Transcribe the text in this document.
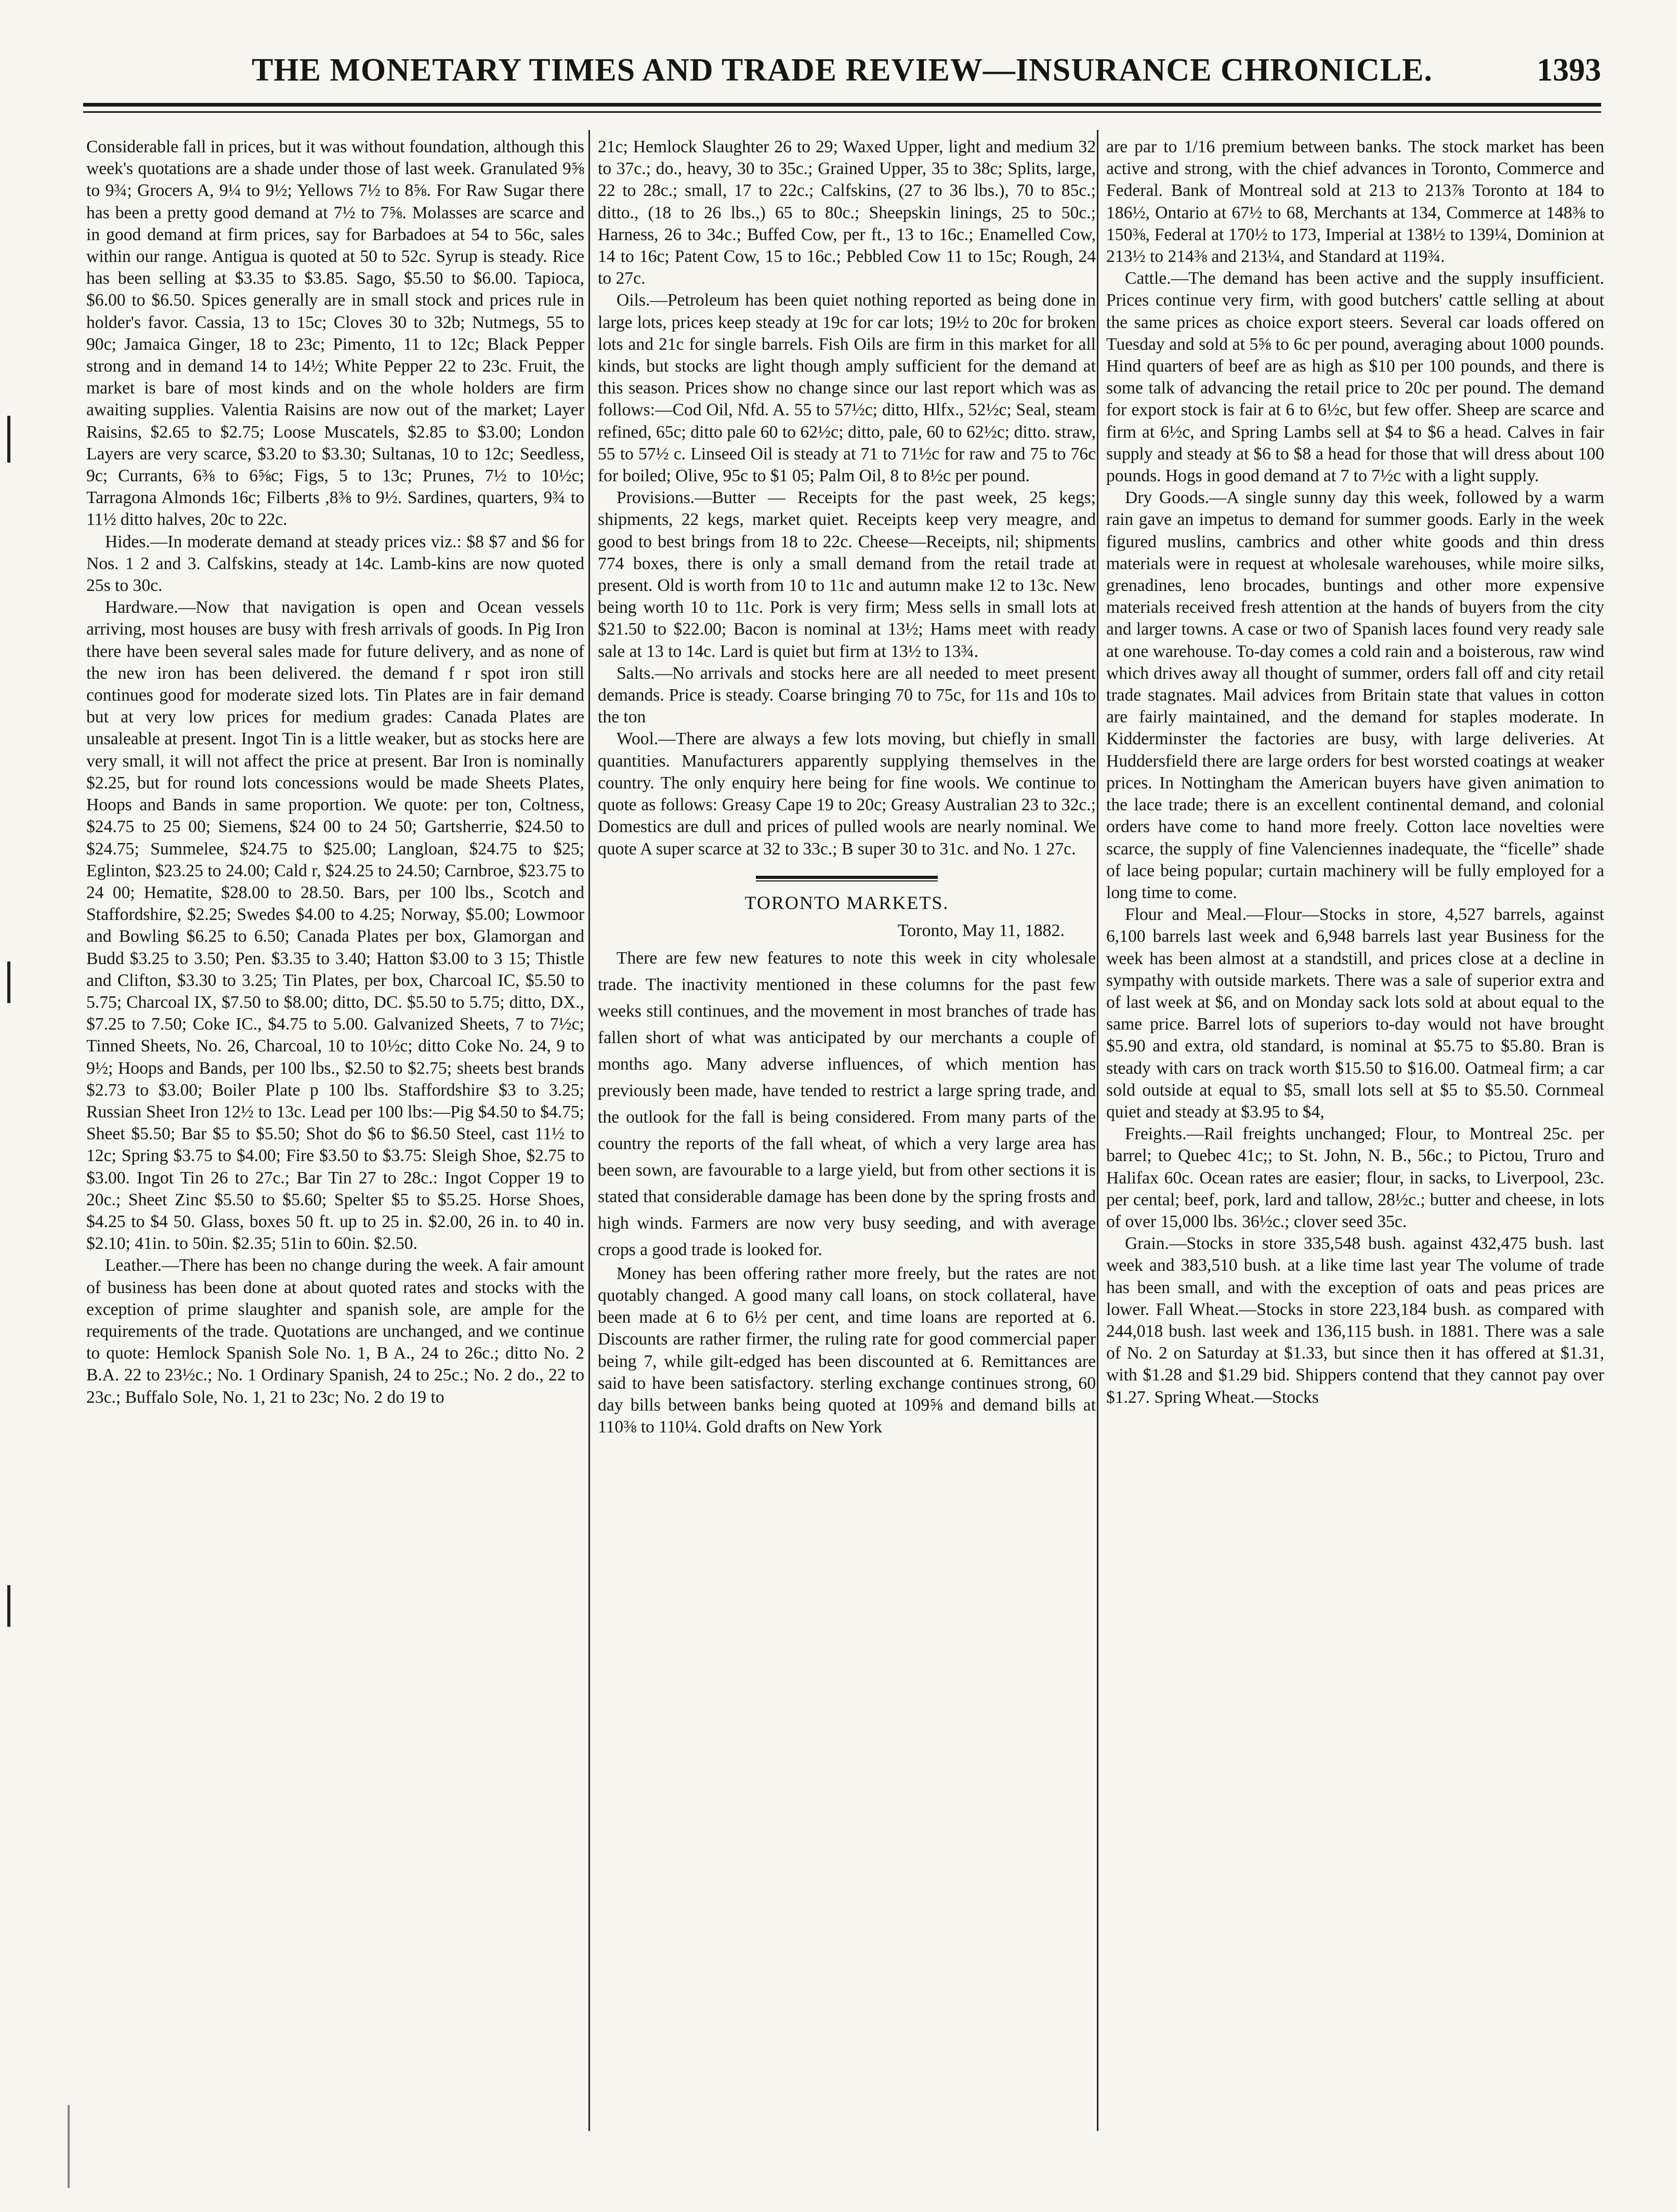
THE MONETARY TIMES AND TRADE REVIEW—INSURANCE CHRONICLE.	1393

Considerable fall in prices, but it was without foundation, although this week's quotations are a shade under those of last week. Granulated 9⅝ to 9¾; Grocers A, 9¼ to 9½; Yellows 7½ to 8⅝. For Raw Sugar there has been a pretty good demand at 7½ to 7⅝. Molasses are scarce and in good demand at firm prices, say for Barbadoes at 54 to 56c, sales within our range. Antigua is quoted at 50 to 52c. Syrup is steady. Rice has been selling at $3.35 to $3.85. Sago, $5.50 to $6.00. Tapioca, $6.00 to $6.50. Spices generally are in small stock and prices rule in holder's favor. Cassia, 13 to 15c; Cloves 30 to 32b; Nutmegs, 55 to 90c; Jamaica Ginger, 18 to 23c; Pimento, 11 to 12c; Black Pepper strong and in demand 14 to 14½; White Pepper 22 to 23c. Fruit, the market is bare of most kinds and on the whole holders are firm awaiting supplies. Valentia Raisins are now out of the market; Layer Raisins, $2.65 to $2.75; Loose Muscatels, $2.85 to $3.00; London Layers are very scarce, $3.20 to $3.30; Sultanas, 10 to 12c; Seedless, 9c; Currants, 6⅜ to 6⅝c; Figs, 5 to 13c; Prunes, 7½ to 10½c; Tarragona Almonds 16c; Filberts ,8⅜ to 9½. Sardines, quarters, 9¾ to 11½ ditto halves, 20c to 22c.

Hides.—In moderate demand at steady prices viz.: $8 $7 and $6 for Nos. 1 2 and 3. Calfskins, steady at 14c. Lamb-kins are now quoted 25s to 30c.

Hardware.—Now that navigation is open and Ocean vessels arriving, most houses are busy with fresh arrivals of goods. In Pig Iron there have been several sales made for future delivery, and as none of the new iron has been delivered. the demand f r spot iron still continues good for moderate sized lots. Tin Plates are in fair demand but at very low prices for medium grades: Canada Plates are unsaleable at present. Ingot Tin is a little weaker, but as stocks here are very small, it will not affect the price at present. Bar Iron is nominally $2.25, but for round lots concessions would be made Sheets Plates, Hoops and Bands in same proportion. We quote: per ton, Coltness, $24.75 to 25 00; Siemens, $24 00 to 24 50; Gartsherrie, $24.50 to $24.75; Summelee, $24.75 to $25.00; Langloan, $24.75 to $25; Eglinton, $23.25 to 24.00; Cald r, $24.25 to 24.50; Carnbroe, $23.75 to 24 00; Hematite, $28.00 to 28.50. Bars, per 100 lbs., Scotch and Staffordshire, $2.25; Swedes $4.00 to 4.25; Norway, $5.00; Lowmoor and Bowling $6.25 to 6.50; Canada Plates per box, Glamorgan and Budd $3.25 to 3.50; Pen. $3.35 to 3.40; Hatton $3.00 to 3 15; Thistle and Clifton, $3.30 to 3.25; Tin Plates, per box, Charcoal IC, $5.50 to 5.75; Charcoal IX, $7.50 to $8.00; ditto, DC. $5.50 to 5.75; ditto, DX., $7.25 to 7.50; Coke IC., $4.75 to 5.00. Galvanized Sheets, 7 to 7½c; Tinned Sheets, No. 26, Charcoal, 10 to 10½c; ditto Coke No. 24, 9 to 9½; Hoops and Bands, per 100 lbs., $2.50 to $2.75; sheets best brands $2.73 to $3.00; Boiler Plate p 100 lbs. Staffordshire $3 to 3.25; Russian Sheet Iron 12½ to 13c. Lead per 100 lbs:—Pig $4.50 to $4.75; Sheet $5.50; Bar $5 to $5.50; Shot do $6 to $6.50 Steel, cast 11½ to 12c; Spring $3.75 to $4.00; Fire $3.50 to $3.75: Sleigh Shoe, $2.75 to $3.00. Ingot Tin 26 to 27c.; Bar Tin 27 to 28c.: Ingot Copper 19 to 20c.; Sheet Zinc $5.50 to $5.60; Spelter $5 to $5.25. Horse Shoes, $4.25 to $4 50. Glass, boxes 50 ft. up to 25 in. $2.00, 26 in. to 40 in. $2.10; 41in. to 50in. $2.35; 51in to 60in. $2.50.

Leather.—There has been no change during the week. A fair amount of business has been done at about quoted rates and stocks with the exception of prime slaughter and spanish sole, are ample for the requirements of the trade. Quotations are unchanged, and we continue to quote: Hemlock Spanish Sole No. 1, B A., 24 to 26c.; ditto No. 2 B.A. 22 to 23½c.; No. 1 Ordinary Spanish, 24 to 25c.; No. 2 do., 22 to 23c.; Buffalo Sole, No. 1, 21 to 23c; No. 2 do 19 to

21c; Hemlock Slaughter 26 to 29; Waxed Upper, light and medium 32 to 37c.; do., heavy, 30 to 35c.; Grained Upper, 35 to 38c; Splits, large, 22 to 28c.; small, 17 to 22c.; Calfskins, (27 to 36 lbs.), 70 to 85c.; ditto., (18 to 26 lbs.,) 65 to 80c.; Sheepskin linings, 25 to 50c.; Harness, 26 to 34c.; Buffed Cow, per ft., 13 to 16c.; Enamelled Cow, 14 to 16c; Patent Cow, 15 to 16c.; Pebbled Cow 11 to 15c; Rough, 24 to 27c.

Oils.—Petroleum has been quiet nothing reported as being done in large lots, prices keep steady at 19c for car lots; 19½ to 20c for broken lots and 21c for single barrels. Fish Oils are firm in this market for all kinds, but stocks are light though amply sufficient for the demand at this season. Prices show no change since our last report which was as follows:—Cod Oil, Nfd. A. 55 to 57½c; ditto, Hlfx., 52½c; Seal, steam refined, 65c; ditto pale 60 to 62½c; ditto, pale, 60 to 62½c; ditto. straw, 55 to 57½ c. Linseed Oil is steady at 71 to 71½c for raw and 75 to 76c for boiled; Olive, 95c to $1 05; Palm Oil, 8 to 8½c per pound.

Provisions.—Butter — Receipts for the past week, 25 kegs; shipments, 22 kegs, market quiet. Receipts keep very meagre, and good to best brings from 18 to 22c. Cheese—Receipts, nil; shipments 774 boxes, there is only a small demand from the retail trade at present. Old is worth from 10 to 11c and autumn make 12 to 13c. New being worth 10 to 11c. Pork is very firm; Mess sells in small lots at $21.50 to $22.00; Bacon is nominal at 13½; Hams meet with ready sale at 13 to 14c. Lard is quiet but firm at 13½ to 13¾.

Salts.—No arrivals and stocks here are all needed to meet present demands. Price is steady. Coarse bringing 70 to 75c, for 11s and 10s to the ton

Wool.—There are always a few lots moving, but chiefly in small quantities. Manufacturers apparently supplying themselves in the country. The only enquiry here being for fine wools. We continue to quote as follows: Greasy Cape 19 to 20c; Greasy Australian 23 to 32c.; Domestics are dull and prices of pulled wools are nearly nominal. We quote A super scarce at 32 to 33c.; B super 30 to 31c. and No. 1 27c.

TORONTO MARKETS.
Toronto, May 11, 1882.

There are few new features to note this week in city wholesale trade. The inactivity mentioned in these columns for the past few weeks still continues, and the movement in most branches of trade has fallen short of what was anticipated by our merchants a couple of months ago. Many adverse influences, of which mention has previously been made, have tended to restrict a large spring trade, and the outlook for the fall is being considered. From many parts of the country the reports of the fall wheat, of which a very large area has been sown, are favourable to a large yield, but from other sections it is stated that considerable damage has been done by the spring frosts and high winds. Farmers are now very busy seeding, and with average crops a good trade is looked for.

Money has been offering rather more freely, but the rates are not quotably changed. A good many call loans, on stock collateral, have been made at 6 to 6½ per cent, and time loans are reported at 6. Discounts are rather firmer, the ruling rate for good commercial paper being 7, while gilt-edged has been discounted at 6. Remittances are said to have been satisfactory. sterling exchange continues strong, 60 day bills between banks being quoted at 109⅝ and demand bills at 110⅜ to 110¼. Gold drafts on New York

are par to 1/16 premium between banks. The stock market has been active and strong, with the chief advances in Toronto, Commerce and Federal. Bank of Montreal sold at 213 to 213⅞ Toronto at 184 to 186½, Ontario at 67½ to 68, Merchants at 134, Commerce at 148⅜ to 150⅜, Federal at 170½ to 173, Imperial at 138½ to 139¼, Dominion at 213½ to 214⅜ and 213¼, and Standard at 119¾.

Cattle.—The demand has been active and the supply insufficient. Prices continue very firm, with good butchers' cattle selling at about the same prices as choice export steers. Several car loads offered on Tuesday and sold at 5⅝ to 6c per pound, averaging about 1000 pounds. Hind quarters of beef are as high as $10 per 100 pounds, and there is some talk of advancing the retail price to 20c per pound. The demand for export stock is fair at 6 to 6½c, but few offer. Sheep are scarce and firm at 6½c, and Spring Lambs sell at $4 to $6 a head. Calves in fair supply and steady at $6 to $8 a head for those that will dress about 100 pounds. Hogs in good demand at 7 to 7½c with a light supply.

Dry Goods.—A single sunny day this week, followed by a warm rain gave an impetus to demand for summer goods. Early in the week figured muslins, cambrics and other white goods and thin dress materials were in request at wholesale warehouses, while moire silks, grenadines, leno brocades, buntings and other more expensive materials received fresh attention at the hands of buyers from the city and larger towns. A case or two of Spanish laces found very ready sale at one warehouse. To-day comes a cold rain and a boisterous, raw wind which drives away all thought of summer, orders fall off and city retail trade stagnates. Mail advices from Britain state that values in cotton are fairly maintained, and the demand for staples moderate. In Kidderminster the factories are busy, with large deliveries. At Huddersfield there are large orders for best worsted coatings at weaker prices. In Nottingham the American buyers have given animation to the lace trade; there is an excellent continental demand, and colonial orders have come to hand more freely. Cotton lace novelties were scarce, the supply of fine Valenciennes inadequate, the “ficelle” shade of lace being popular; curtain machinery will be fully employed for a long time to come.

Flour and Meal.—Flour—Stocks in store, 4,527 barrels, against 6,100 barrels last week and 6,948 barrels last year Business for the week has been almost at a standstill, and prices close at a decline in sympathy with outside markets. There was a sale of superior extra and of last week at $6, and on Monday sack lots sold at about equal to the same price. Barrel lots of superiors to-day would not have brought $5.90 and extra, old standard, is nominal at $5.75 to $5.80. Bran is steady with cars on track worth $15.50 to $16.00. Oatmeal firm; a car sold outside at equal to $5, small lots sell at $5 to $5.50. Cornmeal quiet and steady at $3.95 to $4,

Freights.—Rail freights unchanged; Flour, to Montreal 25c. per barrel; to Quebec 41c;; to St. John, N. B., 56c.; to Pictou, Truro and Halifax 60c. Ocean rates are easier; flour, in sacks, to Liverpool, 23c. per cental; beef, pork, lard and tallow, 28½c.; butter and cheese, in lots of over 15,000 lbs. 36½c.; clover seed 35c.

Grain.—Stocks in store 335,548 bush. against 432,475 bush. last week and 383,510 bush. at a like time last year The volume of trade has been small, and with the exception of oats and peas prices are lower. Fall Wheat.—Stocks in store 223,184 bush. as compared with 244,018 bush. last week and 136,115 bush. in 1881. There was a sale of No. 2 on Saturday at $1.33, but since then it has offered at $1.31, with $1.28 and $1.29 bid. Shippers contend that they cannot pay over $1.27. Spring Wheat.—Stocks
